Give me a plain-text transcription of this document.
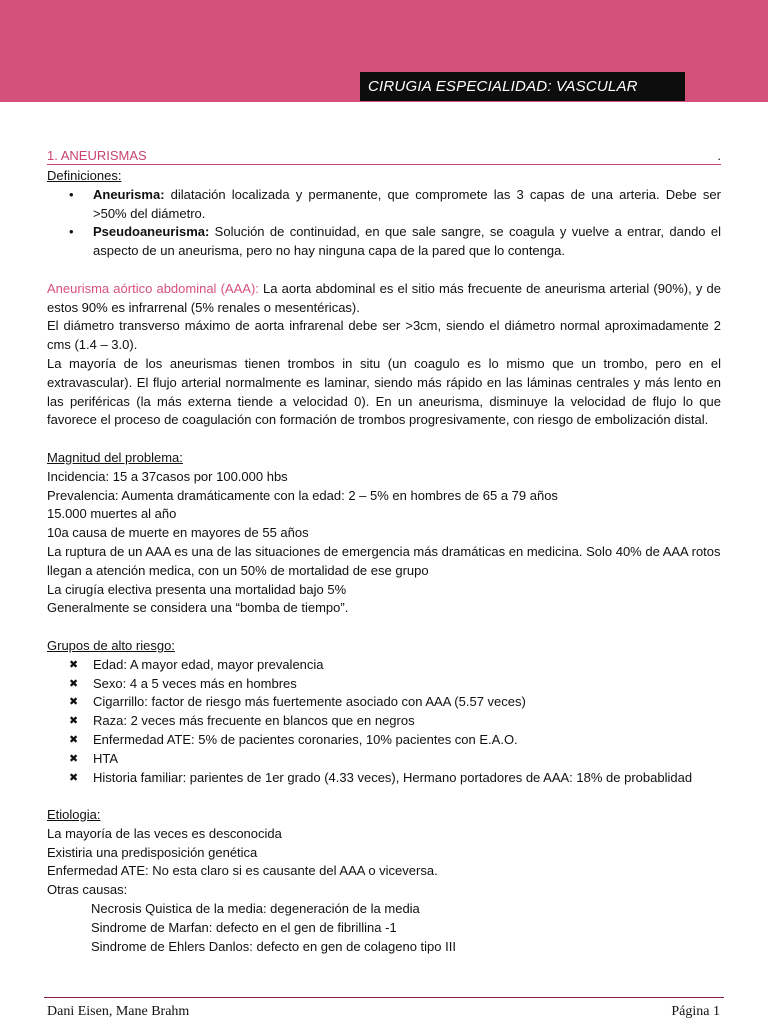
CIRUGIA ESPECIALIDAD: VASCULAR
1. ANEURISMAS	.
Definiciones:
• Aneurisma: dilatación localizada y permanente, que compromete las 3 capas de una arteria. Debe ser >50% del diámetro.
• Pseudoaneurisma: Solución de continuidad, en que sale sangre, se coagula y vuelve a entrar, dando el aspecto de un aneurisma, pero no hay ninguna capa de la pared que lo contenga.
Aneurisma aórtico abdominal (AAA): La aorta abdominal es el sitio más frecuente de aneurisma arterial (90%), y de estos 90% es infrarrenal (5% renales o mesentéricas).
El diámetro transverso máximo de aorta infrarenal debe ser >3cm, siendo el diámetro normal aproximadamente 2 cms (1.4 – 3.0).
La mayoría de los aneurismas tienen trombos in situ (un coagulo es lo mismo que un trombo, pero en el extravascular). El flujo arterial normalmente es laminar, siendo más rápido en las láminas centrales y más lento en las periféricas (la más externa tiende a velocidad 0). En un aneurisma, disminuye la velocidad de flujo lo que favorece el proceso de coagulación con formación de trombos progresivamente, con riesgo de embolización distal.
Magnitud del problema:
Incidencia: 15 a 37casos por 100.000 hbs
Prevalencia: Aumenta dramáticamente con la edad: 2 – 5% en hombres de 65 a 79 años
15.000 muertes al año
10a causa de muerte en mayores de 55 años
La ruptura de un AAA es una de las situaciones de emergencia más dramáticas en medicina. Solo 40% de AAA rotos llegan a atención medica, con un 50% de mortalidad de ese grupo
La cirugía electiva presenta una mortalidad bajo 5%
Generalmente se considera una “bomba de tiempo”.
Grupos de alto riesgo:
✖ Edad: A mayor edad, mayor prevalencia
✖ Sexo: 4 a 5 veces más en hombres
✖ Cigarrillo: factor de riesgo más fuertemente asociado con AAA (5.57 veces)
✖ Raza: 2 veces más frecuente en blancos que en negros
✖ Enfermedad ATE: 5% de pacientes coronaries, 10% pacientes con E.A.O.
✖ HTA
✖ Historia familiar: parientes de 1er grado (4.33 veces), Hermano portadores de AAA: 18% de probablidad
Etiologia:
La mayoría de las veces es desconocida
Existiria una predisposición genética
Enfermedad ATE: No esta claro si es causante del AAA o viceversa.
Otras causas:
Necrosis Quistica de la media: degeneración de la media
Sindrome de Marfan: defecto en el gen de fibrillina -1
Sindrome de Ehlers Danlos: defecto en gen de colageno tipo III
Dani Eisen, Mane Brahm	Página 1
